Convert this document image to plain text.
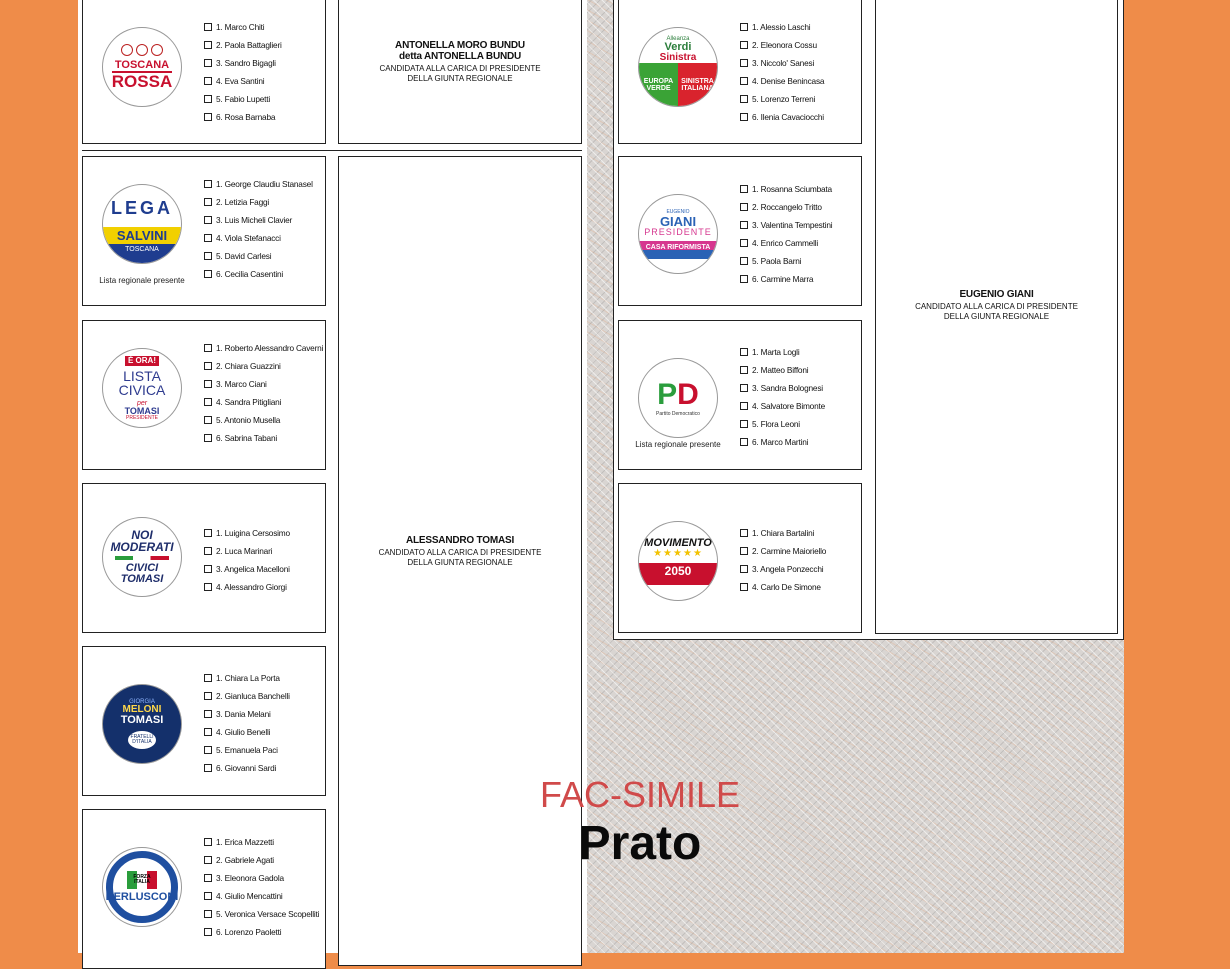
ANTONELLA MORO BUNDU
detta ANTONELLA BUNDU
CANDIDATA ALLA CARICA DI PRESIDENTE
DELLA GIUNTA REGIONALE
ALESSANDRO TOMASI
CANDIDATO ALLA CARICA DI PRESIDENTE
DELLA GIUNTA REGIONALE
EUGENIO GIANI
CANDIDATO ALLA CARICA DI PRESIDENTE
DELLA GIUNTA REGIONALE
TOSCANA
ROSSA
1. Marco Chiti
2. Paola Battaglieri
3. Sandro Bigagli
4. Eva Santini
5. Fabio Lupetti
6. Rosa Barnaba
LEGA
SALVINI
TOSCANA
Lista regionale presente
1. George Claudiu Stanasel
2. Letizia Faggi
3. Luis Micheli Clavier
4. Viola Stefanacci
5. David Carlesi
6. Cecilia Casentini
È ORA!
LISTA CIVICA
per
TOMASI
PRESIDENTE
1. Roberto Alessandro Caverni
2. Chiara Guazzini
3. Marco Ciani
4. Sandra Pitigliani
5. Antonio Musella
6. Sabrina Tabani
NOI
MODERATI
CIVICI
TOMASI
1. Luigina Cersosimo
2. Luca Marinari
3. Angelica Macelloni
4. Alessandro Giorgi
GIORGIA
MELONI
TOMASI
FRATELLI D'ITALIA
1. Chiara La Porta
2. Gianluca Banchelli
3. Dania Melani
4. Giulio Benelli
5. Emanuela Paci
6. Giovanni Sardi
FORZA ITALIA
BERLUSCONI
1. Erica Mazzetti
2. Gabriele Agati
3. Eleonora Gadola
4. Giulio Mencattini
5. Veronica Versace Scopelliti
6. Lorenzo Paoletti
Alleanza
Verdi
Sinistra
EUROPA VERDE
SINISTRA ITALIANA
1. Alessio Laschi
2. Eleonora Cossu
3. Niccolo' Sanesi
4. Denise Benincasa
5. Lorenzo Terreni
6. Ilenia Cavaciocchi
EUGENIO
GIANI
PRESIDENTE
CASA RIFORMISTA
1. Rosanna Sciumbata
2. Roccangelo Tritto
3. Valentina Tempestini
4. Enrico Cammelli
5. Paola Barni
6. Carmine Marra
P D
Partito Democratico
Lista regionale presente
1. Marta Logli
2. Matteo Biffoni
3. Sandra Bolognesi
4. Salvatore Bimonte
5. Flora Leoni
6. Marco Martini
MOVIMENTO
★★★★★
2050
1. Chiara Bartalini
2. Carmine Maioriello
3. Angela Ponzecchi
4. Carlo De Simone
FAC-SIMILE
Prato
